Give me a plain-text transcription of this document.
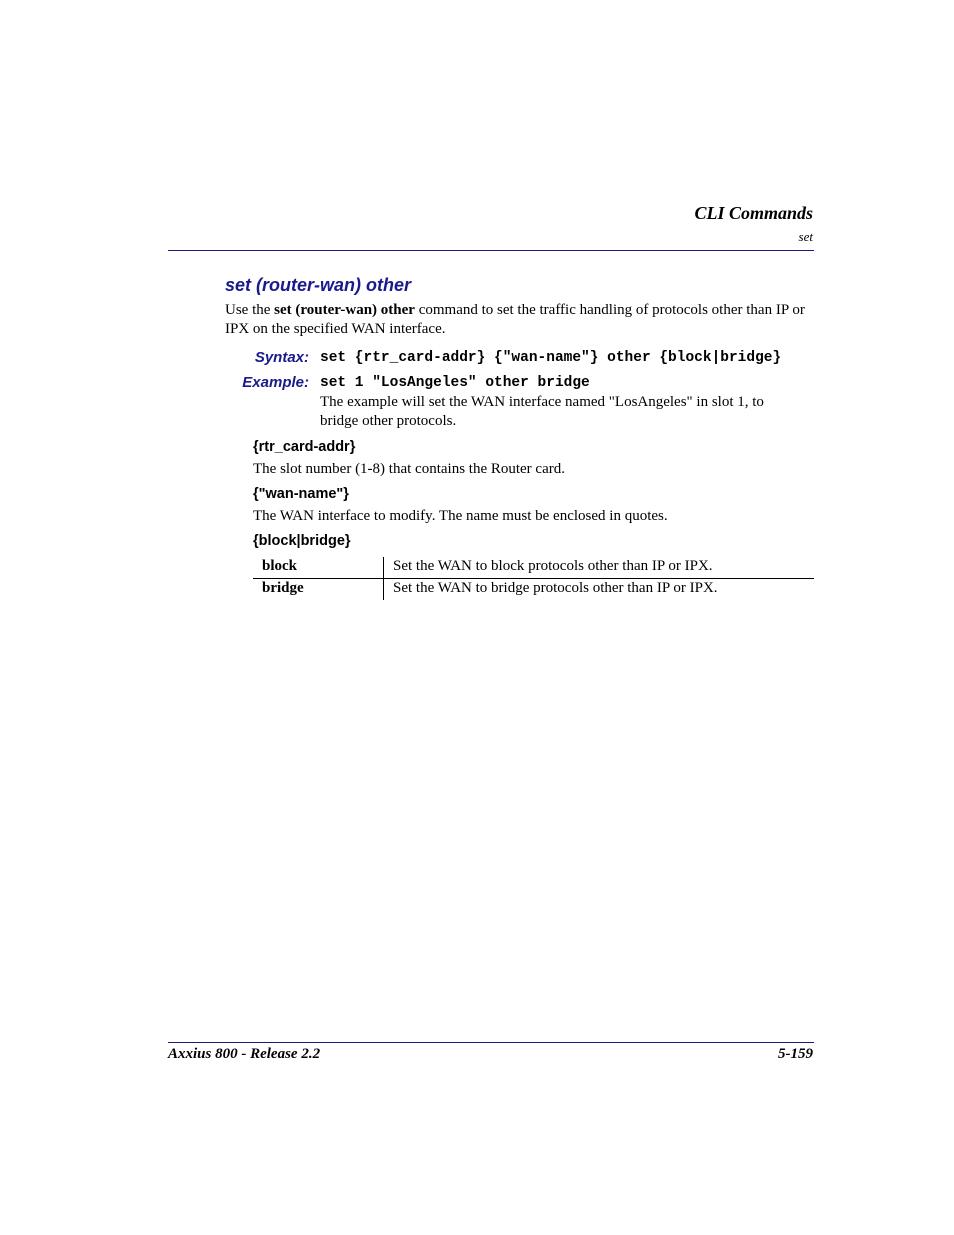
CLI Commands
set
set (router-wan) other
Use the set (router-wan) other command to set the traffic handling of protocols other than IP or IPX on the specified WAN interface.
Syntax: set {rtr_card-addr} {"wan-name"} other {block|bridge}
Example: set 1 "LosAngeles" other bridge
The example will set the WAN interface named "LosAngeles" in slot 1, to bridge other protocols.
{rtr_card-addr}
The slot number (1-8) that contains the Router card.
{"wan-name"}
The WAN interface to modify. The name must be enclosed in quotes.
{block|bridge}
block	Set the WAN to block protocols other than IP or IPX.
bridge	Set the WAN to bridge protocols other than IP or IPX.
Axxius 800 - Release 2.2	5-159
